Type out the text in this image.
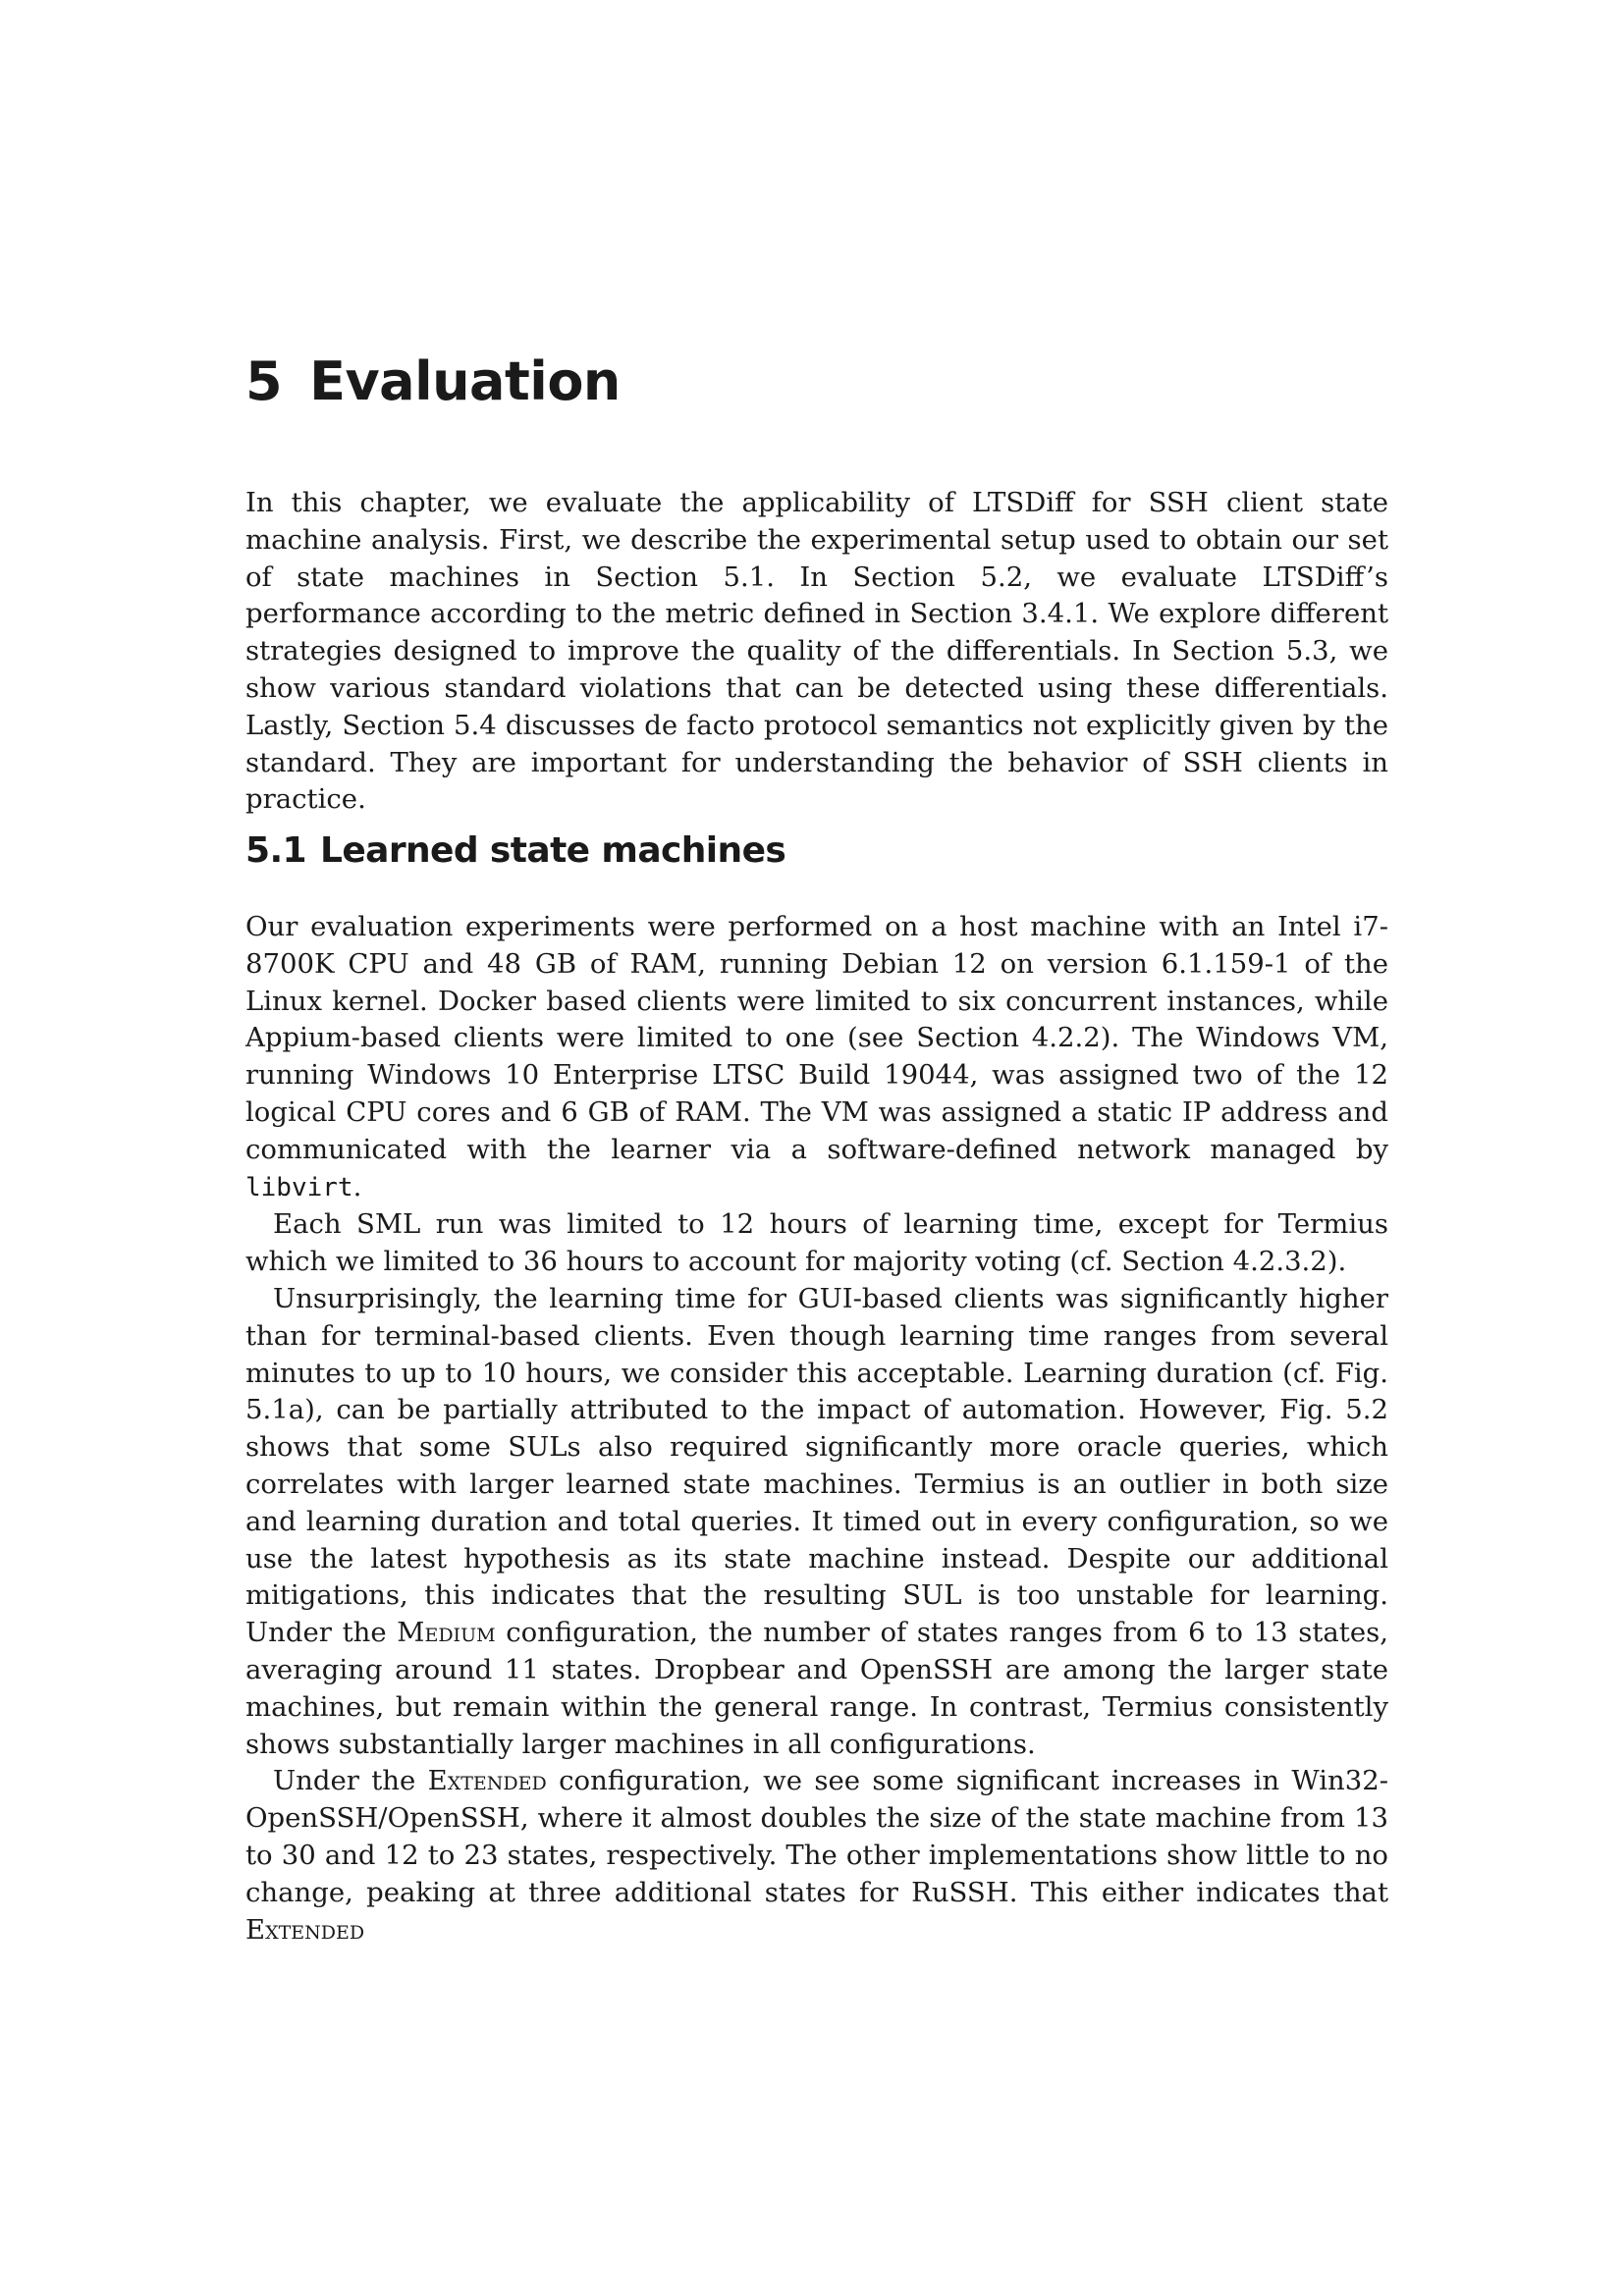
5 Evaluation

In this chapter, we evaluate the applicability of LTSDiff for SSH client state machine analysis. First, we describe the experimental setup used to obtain our set of state machines in Section 5.1. In Section 5.2, we evaluate LTSDiff’s performance according to the metric defined in Section 3.4.1. We explore different strategies designed to improve the quality of the differentials. In Section 5.3, we show various standard violations that can be detected using these differentials. Lastly, Section 5.4 discusses de facto protocol semantics not explicitly given by the standard. They are important for understanding the behavior of SSH clients in practice.

5.1 Learned state machines

Our evaluation experiments were performed on a host machine with an Intel i7-8700K CPU and 48 GB of RAM, running Debian 12 on version 6.1.159-1 of the Linux kernel. Docker based clients were limited to six concurrent instances, while Appium-based clients were limited to one (see Section 4.2.2). The Windows VM, running Windows 10 Enterprise LTSC Build 19044, was assigned two of the 12 logical CPU cores and 6 GB of RAM. The VM was assigned a static IP address and communicated with the learner via a software-defined network managed by libvirt.

Each SML run was limited to 12 hours of learning time, except for Termius which we limited to 36 hours to account for majority voting (cf. Section 4.2.3.2).

Unsurprisingly, the learning time for GUI-based clients was significantly higher than for terminal-based clients. Even though learning time ranges from several minutes to up to 10 hours, we consider this acceptable. Learning duration (cf. Fig. 5.1a), can be partially attributed to the impact of automation. However, Fig. 5.2 shows that some SULs also required significantly more oracle queries, which correlates with larger learned state machines. Termius is an outlier in both size and learning duration and total queries. It timed out in every configuration, so we use the latest hypothesis as its state machine instead. Despite our additional mitigations, this indicates that the resulting SUL is too unstable for learning. Under the Medium configuration, the number of states ranges from 6 to 13 states, averaging around 11 states. Dropbear and OpenSSH are among the larger state machines, but remain within the general range. In contrast, Termius consistently shows substantially larger machines in all configurations.

Under the Extended configuration, we see some significant increases in Win32-OpenSSH/OpenSSH, where it almost doubles the size of the state machine from 13 to 30 and 12 to 23 states, respectively. The other implementations show little to no change, peaking at three additional states for RuSSH. This either indicates that Extended
